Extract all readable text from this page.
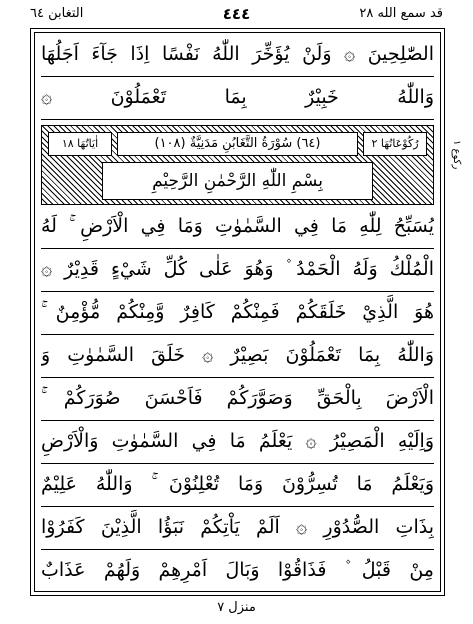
التغابن ٦٤	٤٤٤	قد سمع الله ٢٨
الصّٰلِحِينَ ۞ وَلَنْ يُؤَخِّرَ اللّٰهُ نَفْسًا اِذَا جَآءَ اَجَلُهَا
وَاللّٰهُ خَبِيْرٌ بِمَا تَعْمَلُوْنَ ۞
اٰيَاتُهَا ١٨	(٦٤) سُوْرَةُ التَّغَابُنِ مَدَنِيَّةٌ (١٠٨)	رُكُوْعَاتُهَا ٢
بِسْمِ اللّٰهِ الرَّحْمٰنِ الرَّحِيْمِ
يُسَبِّحُ لِلّٰهِ مَا فِي السَّمٰوٰتِ وَمَا فِي الْاَرْضِ ۚ لَهُ
الْمُلْكُ وَلَهُ الْحَمْدُ ۫ وَهُوَ عَلٰى كُلِّ شَيْءٍ قَدِيْرٌ ۞
هُوَ الَّذِيْ خَلَقَكُمْ فَمِنْكُمْ كَافِرٌ وَّمِنْكُمْ مُّؤْمِنٌ ۚ
وَاللّٰهُ بِمَا تَعْمَلُوْنَ بَصِيْرٌ ۞ خَلَقَ السَّمٰوٰتِ وَ
الْاَرْضَ بِالْحَقِّ وَصَوَّرَكُمْ فَاَحْسَنَ صُوَرَكُمْ ۚ
وَاِلَيْهِ الْمَصِيْرُ ۞ يَعْلَمُ مَا فِي السَّمٰوٰتِ وَالْاَرْضِ
وَيَعْلَمُ مَا تُسِرُّوْنَ وَمَا تُعْلِنُوْنَ ۚ وَاللّٰهُ عَلِيْمٌ
بِذَاتِ الصُّدُوْرِ ۞ اَلَمْ يَاْتِكُمْ نَبَؤُا الَّذِيْنَ كَفَرُوْا
مِنْ قَبْلُ ۫ فَذَاقُوْا وَبَالَ اَمْرِهِمْ وَلَهُمْ عَذَابٌ
رکوع ١
منزل ٧
